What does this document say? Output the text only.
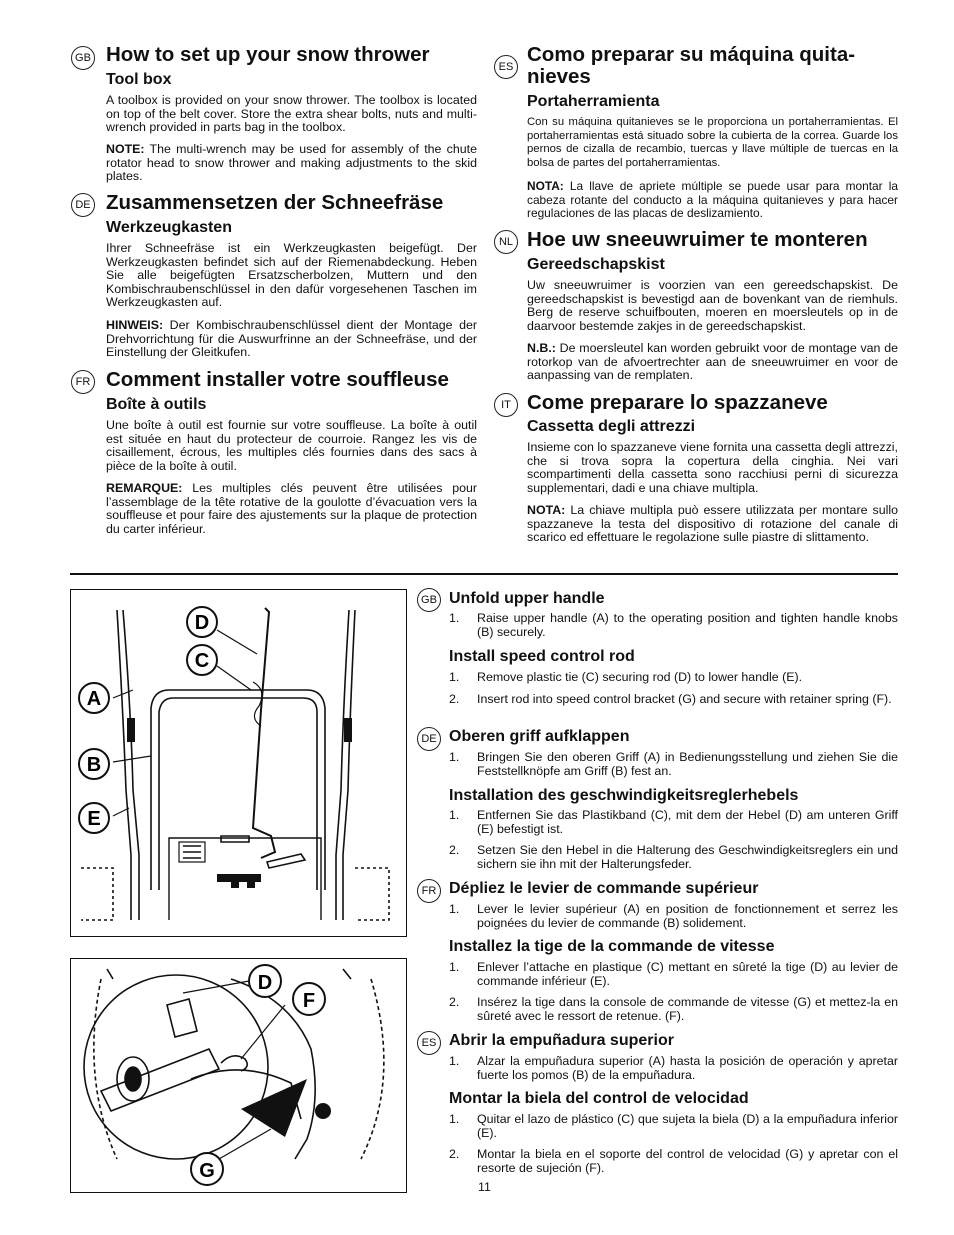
GB How to set up your snow thrower
Tool box
A toolbox is provided on your snow thrower. The toolbox is located on top of the belt cover. Store the extra shear bolts, nuts and multi-wrench provided in parts bag in the toolbox.
NOTE: The multi-wrench may be used for assembly of the chute rotator head to snow thrower and making adjustments to the skid plates.
DE Zusammensetzen der Schneefräse
Werkzeugkasten
Ihrer Schneefräse ist ein Werkzeugkasten beigefügt. Der Werkzeugkasten befindet sich auf der Riemenabdeckung. Heben Sie alle beigefügten Ersatzscherbolzen, Muttern und den Kombischraubenschlüssel in den dafür vorgesehenen Taschen im Werkzeugkasten auf.
HINWEIS: Der Kombischraubenschlüssel dient der Montage der Drehvorrichtung für die Auswurfrinne an der Schneefräse, und der Einstellung der Gleitkufen.
FR Comment installer votre souffleuse
Boîte à outils
Une boîte à outil est fournie sur votre souffleuse. La boîte à outil est située en haut du protecteur de courroie. Rangez les vis de cisaillement, écrous, les multiples clés fournies dans des sacs à pièce de la boîte à outil.
REMARQUE: Les multiples clés peuvent être utilisées pour l’assemblage de la tête rotative de la goulotte d’évacuation vers la souffleuse et pour faire des ajustements sur la plaque de protection du carter inférieur.
ES
Como preparar su máquina quita-nieves
Portaherramienta
Con su máquina quitanieves se le proporciona un portaherramientas. El portaherramientas está situado sobre la cubierta de la correa. Guarde los pernos de cizalla de recambio, tuercas y llave múltiple de tuercas en la bolsa de partes del portaherramientas.
NOTA: La llave de apriete múltiple se puede usar para montar la cabeza rotante del conducto a la máquina quitanieves y para hacer regulaciones de las placas de deslizamiento.
NL Hoe uw sneeuwruimer te monteren
Gereedschapskist
Uw sneeuwruimer is voorzien van een gereedschapskist. De gereedschapskist is bevestigd aan de bovenkant van de riemhuls. Berg de reserve schuifbouten, moeren en moersleutels op in de daarvoor bestemde zakjes in de gereedschapskist.
N.B.: De moersleutel kan worden gebruikt voor de montage van de rotorkop van de afvoertrechter aan de sneeuwruimer en voor de aanpassing van de remplaten.
IT Come preparare lo spazzaneve
Cassetta degli attrezzi
Insieme con lo spazzaneve viene fornita una cassetta degli attrezzi, che si trova sopra la copertura della cinghia. Nei vari scompartimenti della cassetta sono racchiusi perni di sicurezza supplementari, dadi e una chiave multipla.
NOTA: La chiave multipla può essere utilizzata per montare sullo spazzaneve la testa del dispositivo di rotazione del canale di scarico ed effettuare le regolazione sulle piastre di slittamento.
D
C
A
B
E
D
F
G
GB Unfold upper handle
1. Raise upper handle (A) to the operating position and tighten handle knobs (B) securely.
Install speed control rod
1. Remove plastic tie (C) securing rod (D) to lower handle (E).
2. Insert rod into speed control bracket (G) and secure with retainer spring (F).
DE Oberen griff aufklappen
1. Bringen Sie den oberen Griff (A) in Bedienungsstellung und ziehen Sie die Feststellknöpfe am Griff (B) fest an.
Installation des geschwindigkeitsreglerhebels
1. Entfernen Sie das Plastikband (C), mit dem der Hebel (D) am unteren Griff (E) befestigt ist.
2. Setzen Sie den Hebel in die Halterung des Geschwindigkeitsreglers ein und sichern sie ihn mit der Halterungsfeder.
FR Dépliez le levier de commande supérieur
1. Lever le levier supérieur (A) en position de fonctionnement et serrez les poignées du levier de commande (B) solidement.
Installez la tige de la commande de vitesse
1. Enlever l’attache en plastique (C) mettant en sûreté la tige (D) au levier de commande inférieur (E).
2. Insérez la tige dans la console de commande de vitesse (G) et mettez-la en sûreté avec le ressort de retenue. (F).
ES Abrir la empuñadura superior
1. Alzar la empuñadura superior (A) hasta la posición de operación y apretar fuerte los pomos (B) de la empuñadura.
Montar la biela del control de velocidad
1. Quitar el lazo de plástico (C) que sujeta la biela (D) a la empuñadura inferior (E).
2. Montar la biela en el soporte del control de velocidad (G) y apretar con el resorte de sujeción (F).
11
